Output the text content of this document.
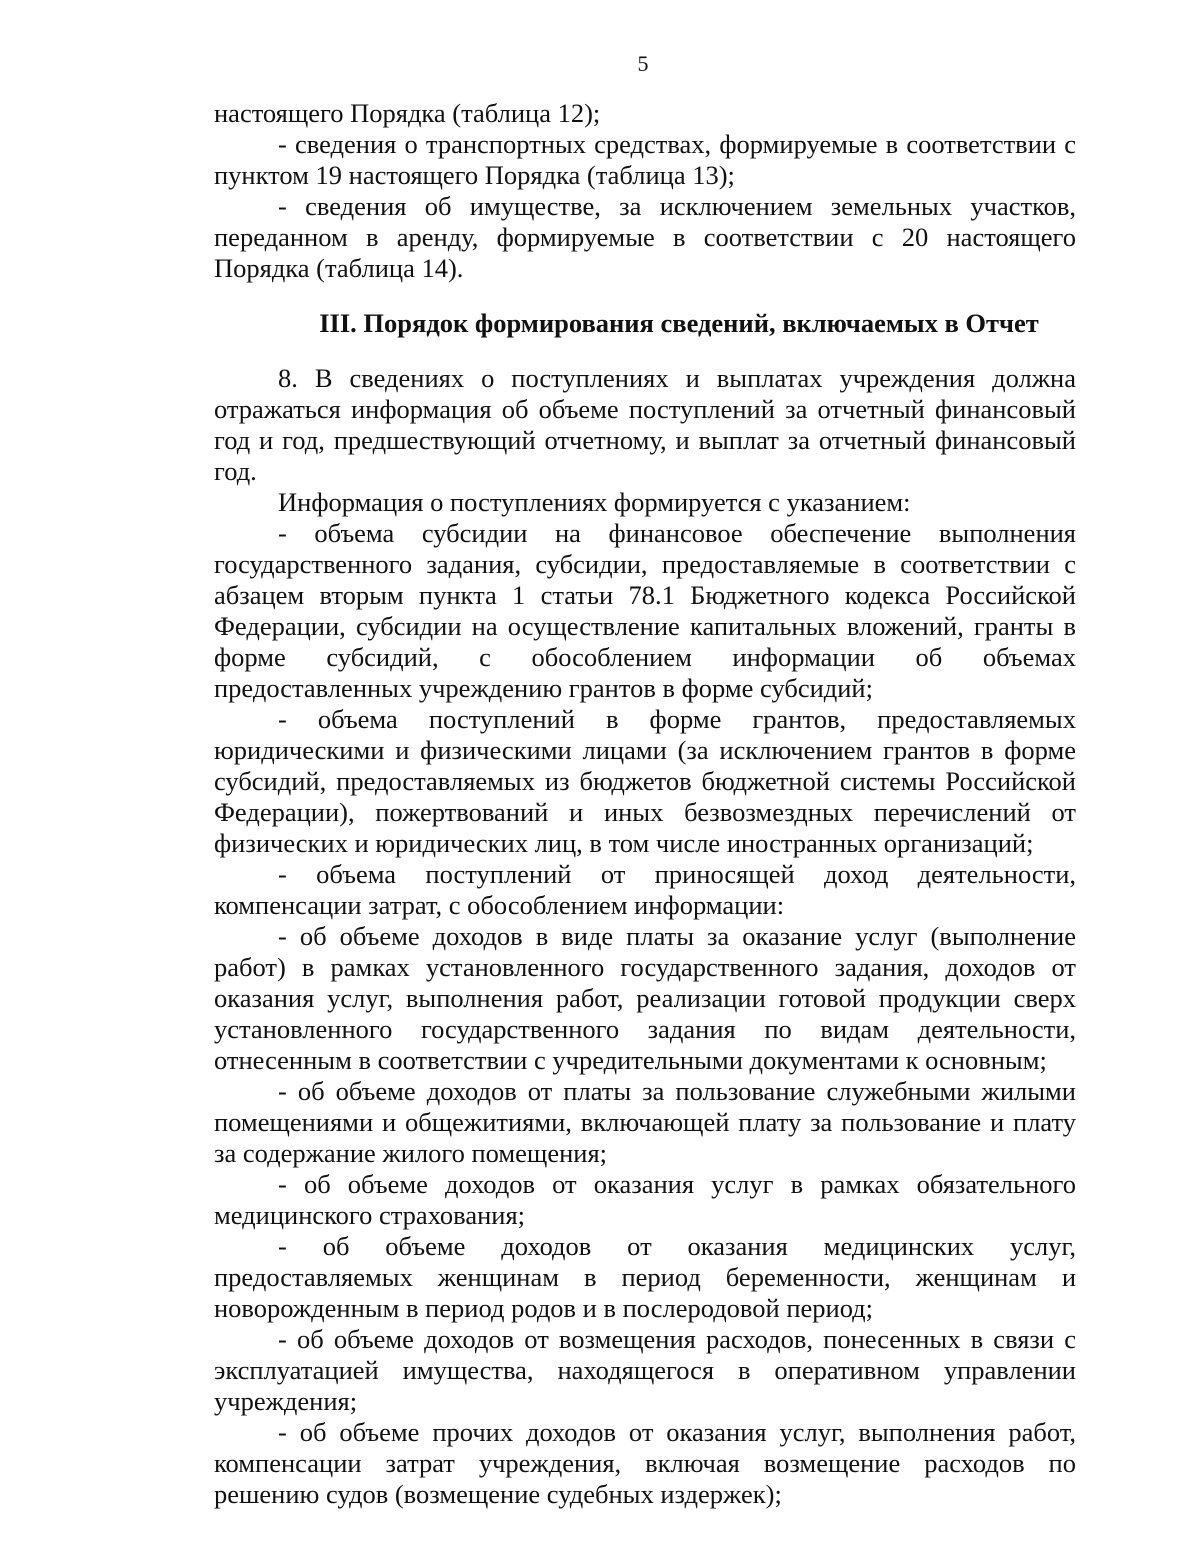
5

настоящего Порядка (таблица 12);

- сведения о транспортных средствах, формируемые в соответствии с пунктом 19 настоящего Порядка (таблица 13);

- сведения об имуществе, за исключением земельных участков, переданном в аренду, формируемые в соответствии с 20 настоящего Порядка (таблица 14).

III. Порядок формирования сведений, включаемых в Отчет

8. В сведениях о поступлениях и выплатах учреждения должна отражаться информация об объеме поступлений за отчетный финансовый год и год, предшествующий отчетному, и выплат за отчетный финансовый год.

Информация о поступлениях формируется с указанием:

- объема субсидии на финансовое обеспечение выполнения государственного задания, субсидии, предоставляемые в соответствии с абзацем вторым пункта 1 статьи 78.1 Бюджетного кодекса Российской Федерации, субсидии на осуществление капитальных вложений, гранты в форме субсидий, с обособлением информации об объемах предоставленных учреждению грантов в форме субсидий;

- объема поступлений в форме грантов, предоставляемых юридическими и физическими лицами (за исключением грантов в форме субсидий, предоставляемых из бюджетов бюджетной системы Российской Федерации), пожертвований и иных безвозмездных перечислений от физических и юридических лиц, в том числе иностранных организаций;

- объема поступлений от приносящей доход деятельности, компенсации затрат, с обособлением информации:

- об объеме доходов в виде платы за оказание услуг (выполнение работ) в рамках установленного государственного задания, доходов от оказания услуг, выполнения работ, реализации готовой продукции сверх установленного государственного задания по видам деятельности, отнесенным в соответствии с учредительными документами к основным;

- об объеме доходов от платы за пользование служебными жилыми помещениями и общежитиями, включающей плату за пользование и плату за содержание жилого помещения;

- об объеме доходов от оказания услуг в рамках обязательного медицинского страхования;

- об объеме доходов от оказания медицинских услуг, предоставляемых женщинам в период беременности, женщинам и новорожденным в период родов и в послеродовой период;

- об объеме доходов от возмещения расходов, понесенных в связи с эксплуатацией имущества, находящегося в оперативном управлении учреждения;

- об объеме прочих доходов от оказания услуг, выполнения работ, компенсации затрат учреждения, включая возмещение расходов по решению судов (возмещение судебных издержек);
